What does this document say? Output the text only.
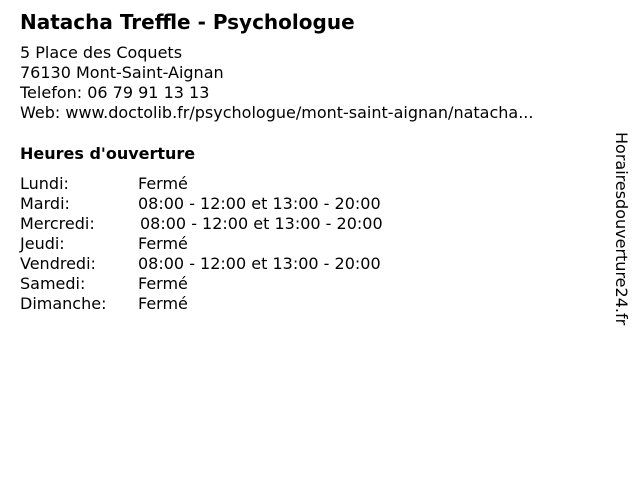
Natacha Treffle - Psychologue
5 Place des Coquets
76130 Mont-Saint-Aignan
Telefon: 06 79 91 13 13
Web: www.doctolib.fr/psychologue/mont-saint-aignan/natacha...
Heures d'ouverture
Lundi:	Fermé
Mardi:	08:00 - 12:00 et 13:00 - 20:00
Mercredi:	08:00 - 12:00 et 13:00 - 20:00
Jeudi:	Fermé
Vendredi:	08:00 - 12:00 et 13:00 - 20:00
Samedi:	Fermé
Dimanche: Fermé	Horairesdouverture24.fr
